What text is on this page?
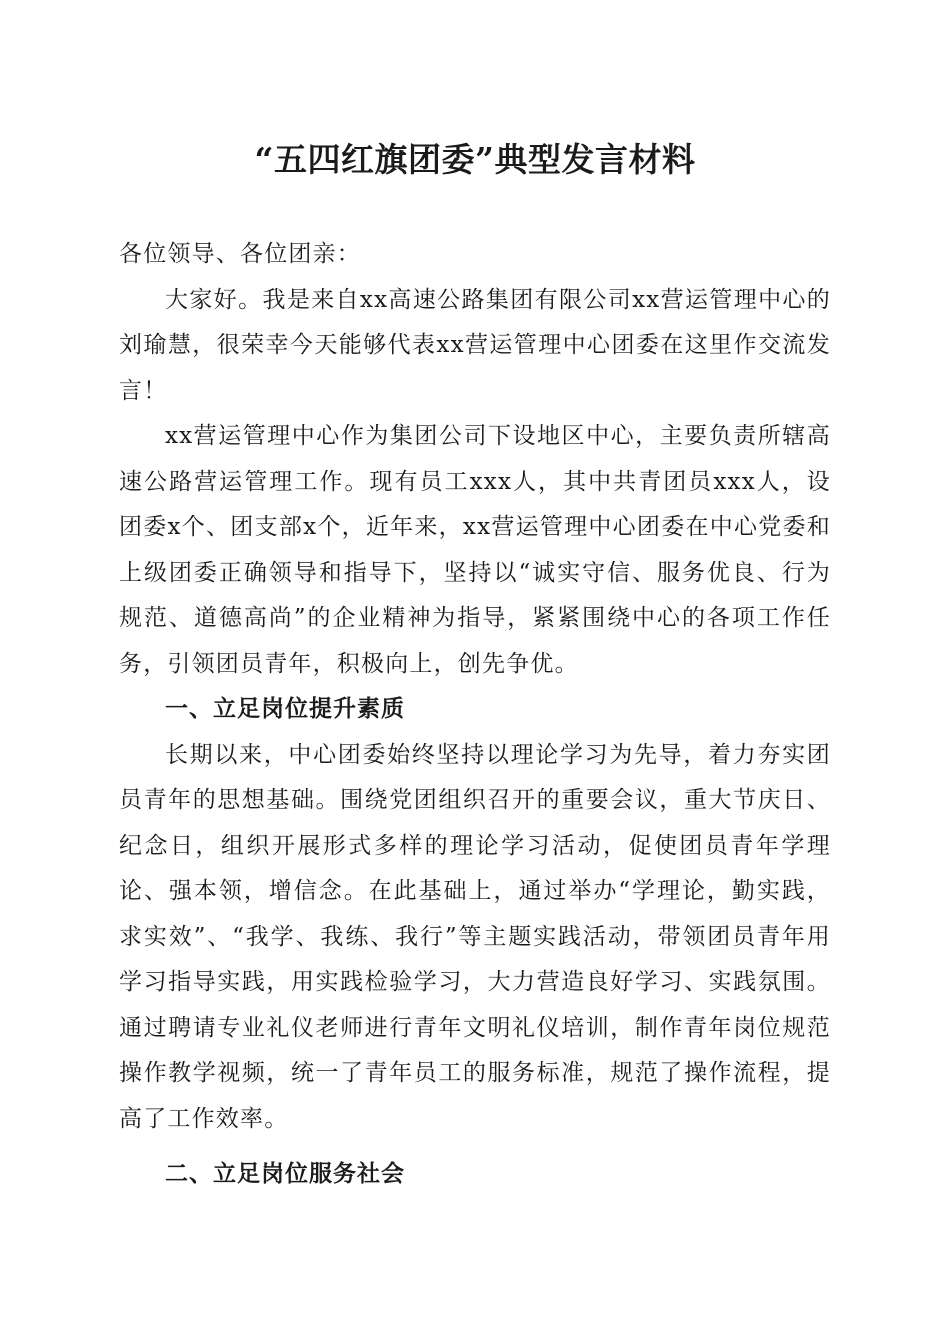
“五四红旗团委”典型发言材料

各位领导、各位团亲：

大家好。我是来自xx高速公路集团有限公司xx营运管理中心的刘瑜慧，很荣幸今天能够代表xx营运管理中心团委在这里作交流发言！

xx营运管理中心作为集团公司下设地区中心，主要负责所辖高速公路营运管理工作。现有员工xxx人，其中共青团员xxx人，设团委x个、团支部x个，近年来，xx营运管理中心团委在中心党委和上级团委正确领导和指导下，坚持以“诚实守信、服务优良、行为规范、道德高尚”的企业精神为指导，紧紧围绕中心的各项工作任务，引领团员青年，积极向上，创先争优。

一、立足岗位提升素质

长期以来，中心团委始终坚持以理论学习为先导，着力夯实团员青年的思想基础。围绕党团组织召开的重要会议，重大节庆日、纪念日，组织开展形式多样的理论学习活动，促使团员青年学理论、强本领，增信念。在此基础上，通过举办“学理论，勤实践，求实效”、“我学、我练、我行”等主题实践活动，带领团员青年用学习指导实践，用实践检验学习，大力营造良好学习、实践氛围。通过聘请专业礼仪老师进行青年文明礼仪培训，制作青年岗位规范操作教学视频，统一了青年员工的服务标准，规范了操作流程，提高了工作效率。

二、立足岗位服务社会
